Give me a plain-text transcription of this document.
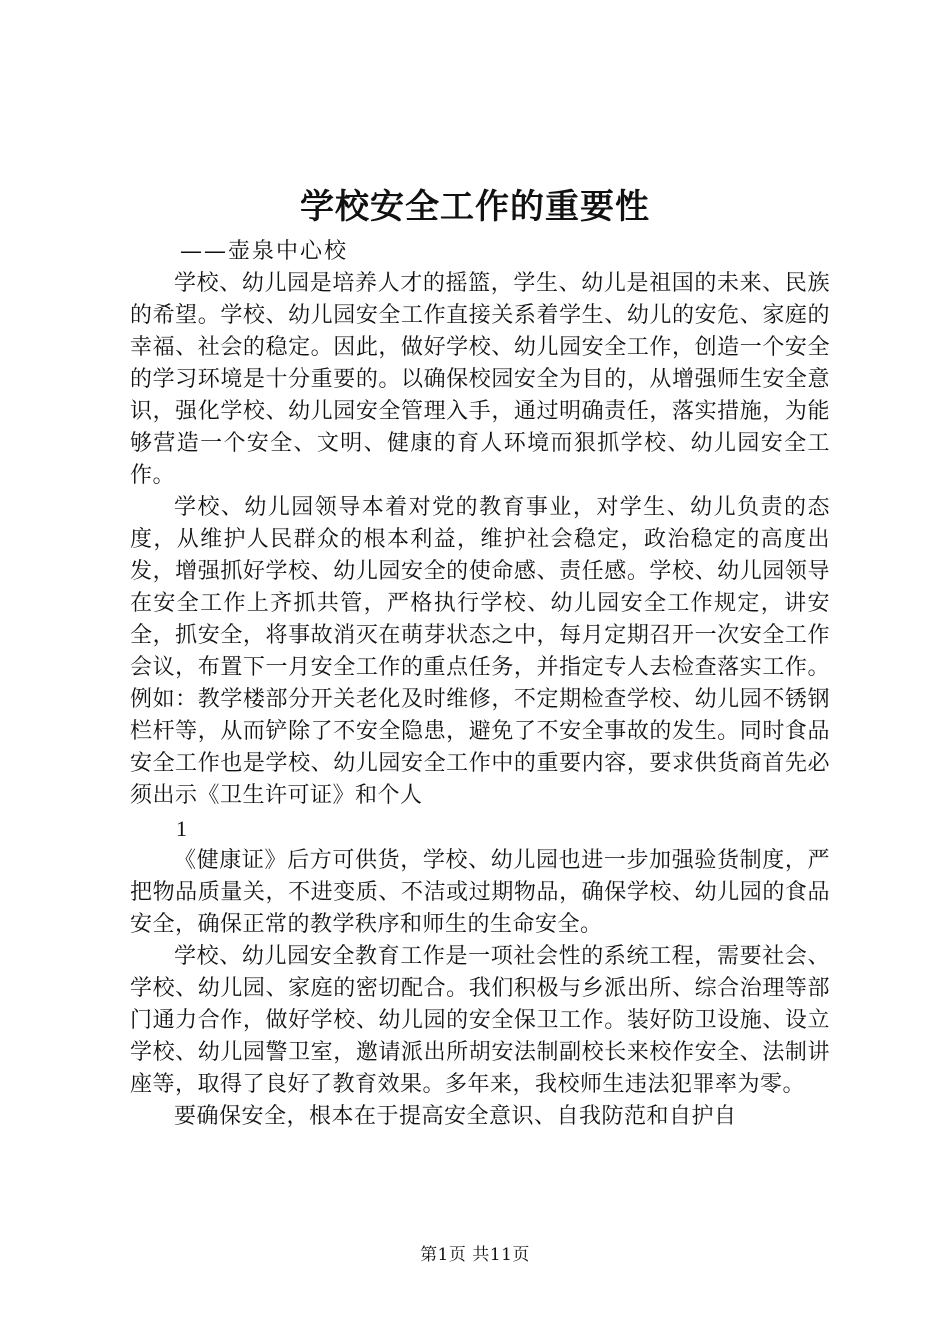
学校安全工作的重要性
——壶泉中心校

学校、幼儿园是培养人才的摇篮，学生、幼儿是祖国的未来、民族的希望。学校、幼儿园安全工作直接关系着学生、幼儿的安危、家庭的幸福、社会的稳定。因此，做好学校、幼儿园安全工作，创造一个安全的学习环境是十分重要的。以确保校园安全为目的，从增强师生安全意识，强化学校、幼儿园安全管理入手，通过明确责任，落实措施，为能够营造一个安全、文明、健康的育人环境而狠抓学校、幼儿园安全工作。

学校、幼儿园领导本着对党的教育事业，对学生、幼儿负责的态度，从维护人民群众的根本利益，维护社会稳定，政治稳定的高度出发，增强抓好学校、幼儿园安全的使命感、责任感。学校、幼儿园领导在安全工作上齐抓共管，严格执行学校、幼儿园安全工作规定，讲安全，抓安全，将事故消灭在萌芽状态之中，每月定期召开一次安全工作会议，布置下一月安全工作的重点任务，并指定专人去检查落实工作。例如：教学楼部分开关老化及时维修，不定期检查学校、幼儿园不锈钢栏杆等，从而铲除了不安全隐患，避免了不安全事故的发生。同时食品安全工作也是学校、幼儿园安全工作中的重要内容，要求供货商首先必须出示《卫生许可证》和个人

1

《健康证》后方可供货，学校、幼儿园也进一步加强验货制度，严把物品质量关，不进变质、不洁或过期物品，确保学校、幼儿园的食品安全，确保正常的教学秩序和师生的生命安全。

学校、幼儿园安全教育工作是一项社会性的系统工程，需要社会、学校、幼儿园、家庭的密切配合。我们积极与乡派出所、综合治理等部门通力合作，做好学校、幼儿园的安全保卫工作。装好防卫设施、设立学校、幼儿园警卫室，邀请派出所胡安法制副校长来校作安全、法制讲座等，取得了良好了教育效果。多年来，我校师生违法犯罪率为零。

要确保安全，根本在于提高安全意识、自我防范和自护自

第1页 共11页
